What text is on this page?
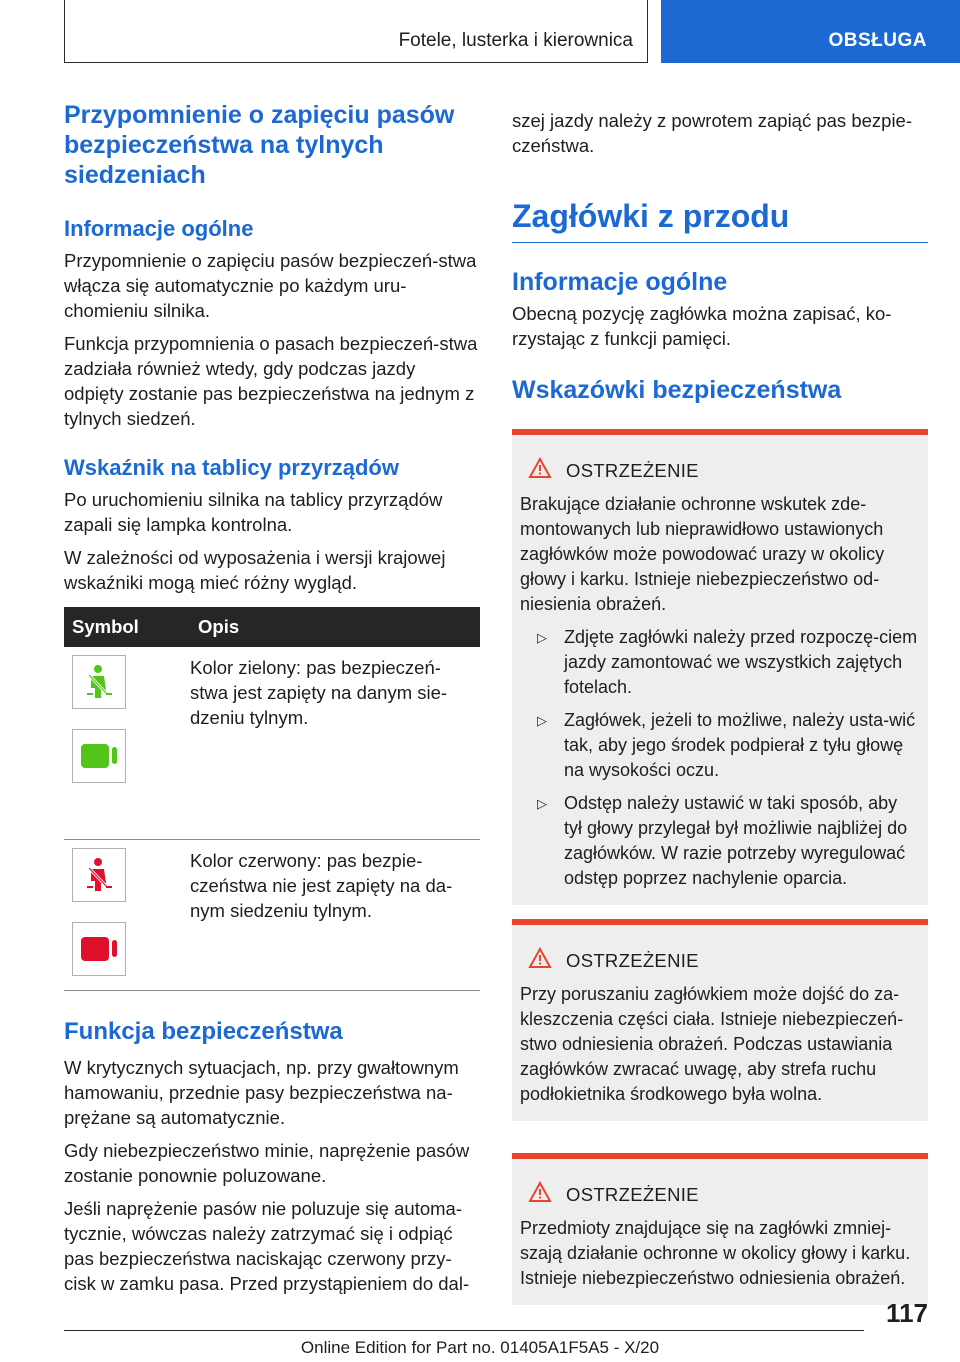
Fotele, lusterka i kierownica	OBSŁUGA
Przypomnienie o zapięciu pasów bezpieczeństwa na tylnych siedzeniach
Informacje ogólne

Przypomnienie o zapięciu pasów bezpieczeń‐stwa włącza się automatycznie po każdym uru‐chomieniu silnika.

Funkcja przypomnienia o pasach bezpieczeń‐stwa zadziała również wtedy, gdy podczas jazdy odpięty zostanie pas bezpieczeństwa na jednym z tylnych siedzeń.

Wskaźnik na tablicy przyrządów

Po uruchomieniu silnika na tablicy przyrządów zapali się lampka kontrolna.

W zależności od wyposażenia i wersji krajowej wskaźniki mogą mieć różny wygląd.

Symbol	Opis

Kolor zielony: pas bezpieczeń‐stwa jest zapięty na danym sie‐dzeniu tylnym.

Kolor czerwony: pas bezpie‐czeństwa nie jest zapięty na da‐nym siedzeniu tylnym.

Funkcja bezpieczeństwa

W krytycznych sytuacjach, np. przy gwałtownym hamowaniu, przednie pasy bezpieczeństwa na‐prężane są automatycznie.

Gdy niebezpieczeństwo minie, naprężenie pasów zostanie ponownie poluzowane.

Jeśli naprężenie pasów nie poluzuje się automa‐tycznie, wówczas należy zatrzymać się i odpiąć pas bezpieczeństwa naciskając czerwony przy‐cisk w zamku pasa. Przed przystąpieniem do dal‐

szej jazdy należy z powrotem zapiąć pas bezpie‐czeństwa.

Zagłówki z przodu
Informacje ogólne

Obecną pozycję zagłówka można zapisać, ko‐rzystając z funkcji pamięci.

Wskazówki bezpieczeństwa
OSTRZEŻENIE

Brakujące działanie ochronne wskutek zde‐montowanych lub nieprawidłowo ustawionych zagłówków może powodować urazy w okolicy głowy i karku. Istnieje niebezpieczeństwo od‐niesienia obrażeń.

▷ Zdjęte zagłówki należy przed rozpoczę‐ciem jazdy zamontować we wszystkich zajętych fotelach.
▷ Zagłówek, jeżeli to możliwe, należy usta‐wić tak, aby jego środek podpierał z tyłu głowę na wysokości oczu.
▷ Odstęp należy ustawić w taki sposób, aby tył głowy przylegał był możliwie najbliżej do zagłówków. W razie potrzeby wyregulować odstęp poprzez nachylenie oparcia.
OSTRZEŻENIE

Przy poruszaniu zagłówkiem może dojść do za‐kleszczenia części ciała. Istnieje niebezpieczeń‐stwo odniesienia obrażeń. Podczas ustawiania zagłówków zwracać uwagę, aby strefa ruchu podłokietnika środkowego była wolna.

OSTRZEŻENIE

Przedmioty znajdujące się na zagłówki zmniej‐szają działanie ochronne w okolicy głowy i karku. Istnieje niebezpieczeństwo odniesienia obrażeń.

117
Online Edition for Part no. 01405A1F5A5 - X/20
